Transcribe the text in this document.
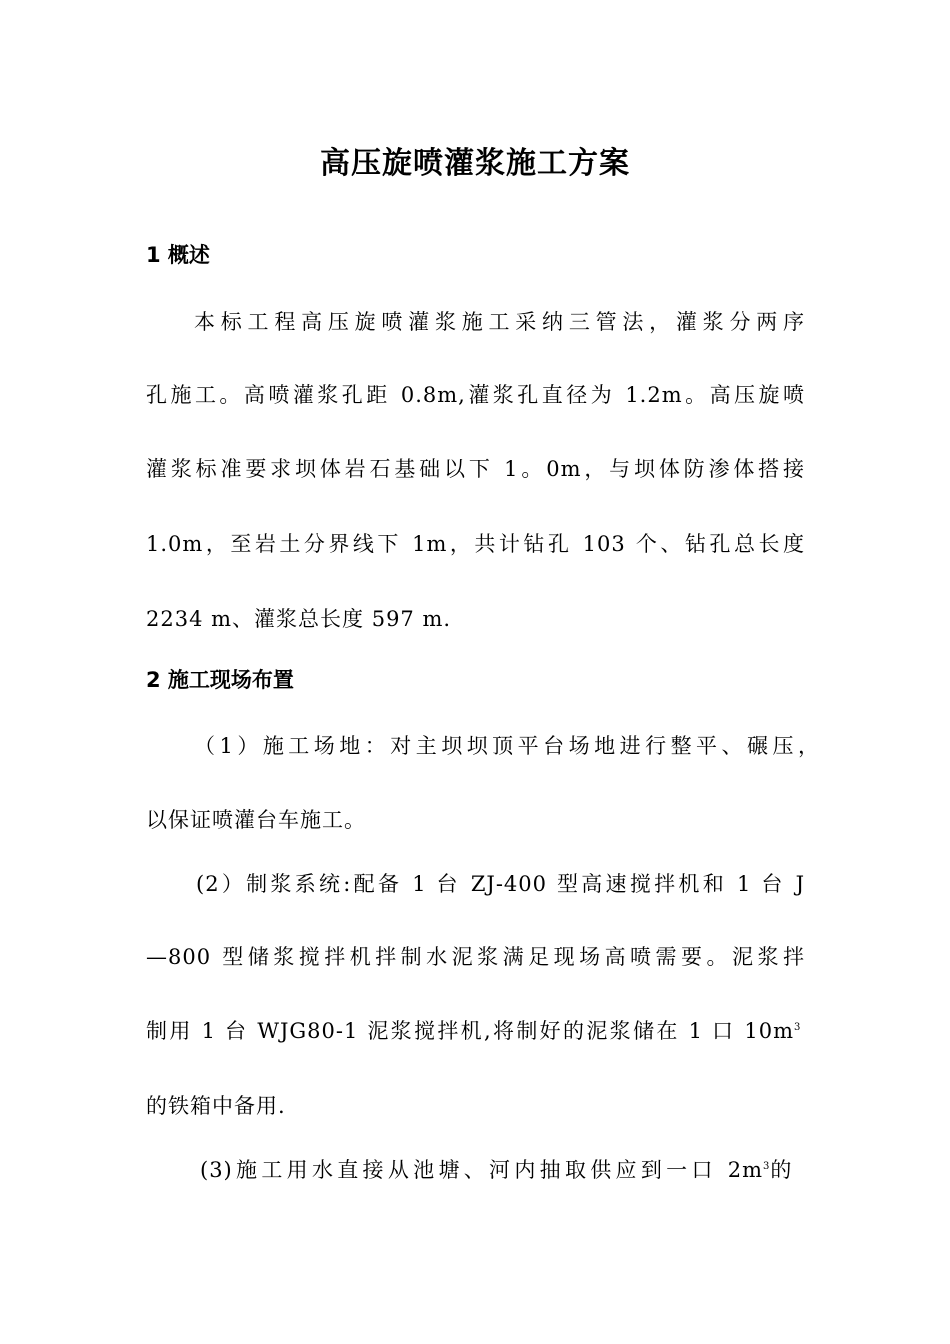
高压旋喷灌浆施工方案
1 概述
本标工程高压旋喷灌浆施工采纳三管法，灌浆分两序
孔施工。高喷灌浆孔距 0.8m,灌浆孔直径为 1.2m。高压旋喷
灌浆标准要求坝体岩石基础以下 1。0m，与坝体防渗体搭接
1.0m，至岩土分界线下 1m，共计钻孔 103 个、钻孔总长度
2234 m、灌浆总长度 597 m.
2 施工现场布置
（1）施工场地：对主坝坝顶平台场地进行整平、碾压，
以保证喷灌台车施工。
(2）制浆系统:配备 1 台 ZJ-400 型高速搅拌机和 1 台 J
—800 型储浆搅拌机拌制水泥浆满足现场高喷需要。泥浆拌
制用 1 台 WJG80-1 泥浆搅拌机,将制好的泥浆储在 1 口 $10m^3$
的铁箱中备用.
(3)施工用水直接从池塘、河内抽取供应到一口 $2m^3$的
